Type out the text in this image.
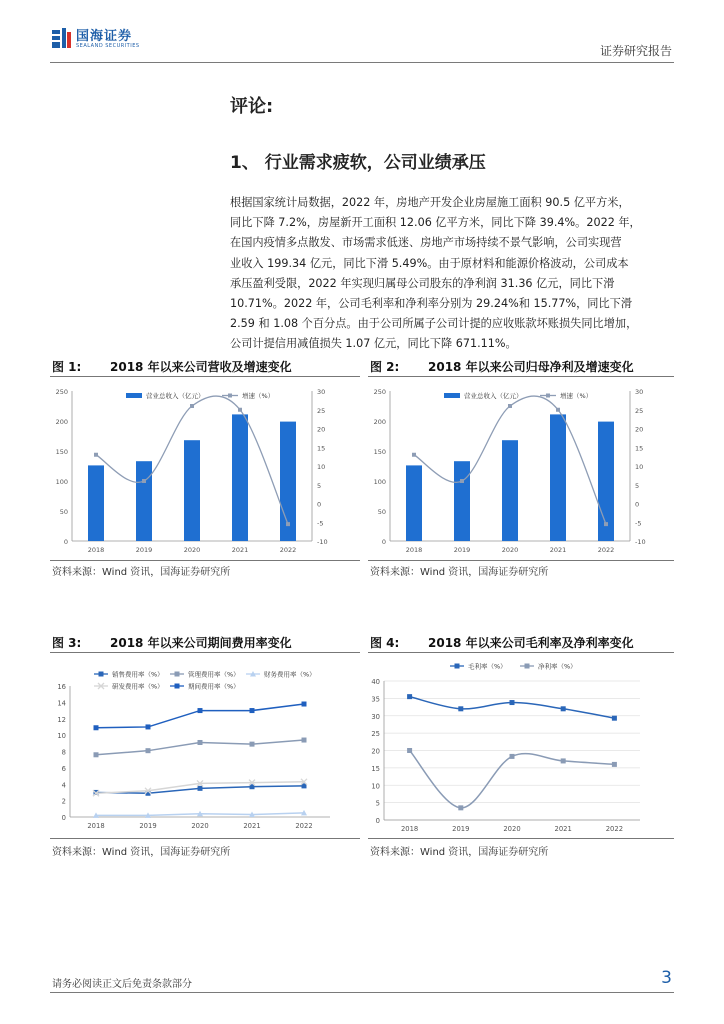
国海证券
SEALAND SECURITIES	证券研究报告
评论:
1、 行业需求疲软，公司业绩承压
根据国家统计局数据，2022 年，房地产开发企业房屋施工面积 90.5 亿平方米，
同比下降 7.2%，房屋新开工面积 12.06 亿平方米，同比下降 39.4%。2022 年，
在国内疫情多点散发、市场需求低迷、房地产市场持续不景气影响，公司实现营
业收入 199.34 亿元，同比下滑 5.49%。由于原材料和能源价格波动，公司成本
承压盈利受限，2022 年实现归属母公司股东的净利润 31.36 亿元，同比下滑
10.71%。2022 年，公司毛利率和净利率分别为 29.24%和 15.77%，同比下滑
2.59 和 1.08 个百分点。由于公司所属子公司计提的应收账款坏账损失同比增加，
公司计提信用减值损失 1.07 亿元，同比下降 671.11%。
图 1: 2018 年以来公司营收及增速变化
0
50
100
150
200
250
-10
-5
0
5
10
15
20
25
30
2018	2019	2020	2021	2022
营业总收入（亿元）	增速（%）
资料来源：Wind 资讯，国海证券研究所
图 2: 2018 年以来公司归母净利及增速变化
0
50
100
150
200
250
-10
-5
0
5
10
15
20
25
30
2018	2019	2020	2021	2022
营业总收入（亿元）	增速（%）
资料来源：Wind 资讯，国海证券研究所
图 3: 2018 年以来公司期间费用率变化
0
2
4
6
8
10
12
14
16
2018	2019	2020	2021	2022
销售费用率（%）	管理费用率（%）	财务费用率（%）
研发费用率（%）	期间费用率（%）
资料来源：Wind 资讯，国海证券研究所
图 4: 2018 年以来公司毛利率及净利率变化
0
5
10
15
20
25
30
35
40
2018	2019	2020	2021	2022
毛利率（%）	净利率（%）
资料来源：Wind 资讯，国海证券研究所
请务必阅读正文后免责条款部分	3
